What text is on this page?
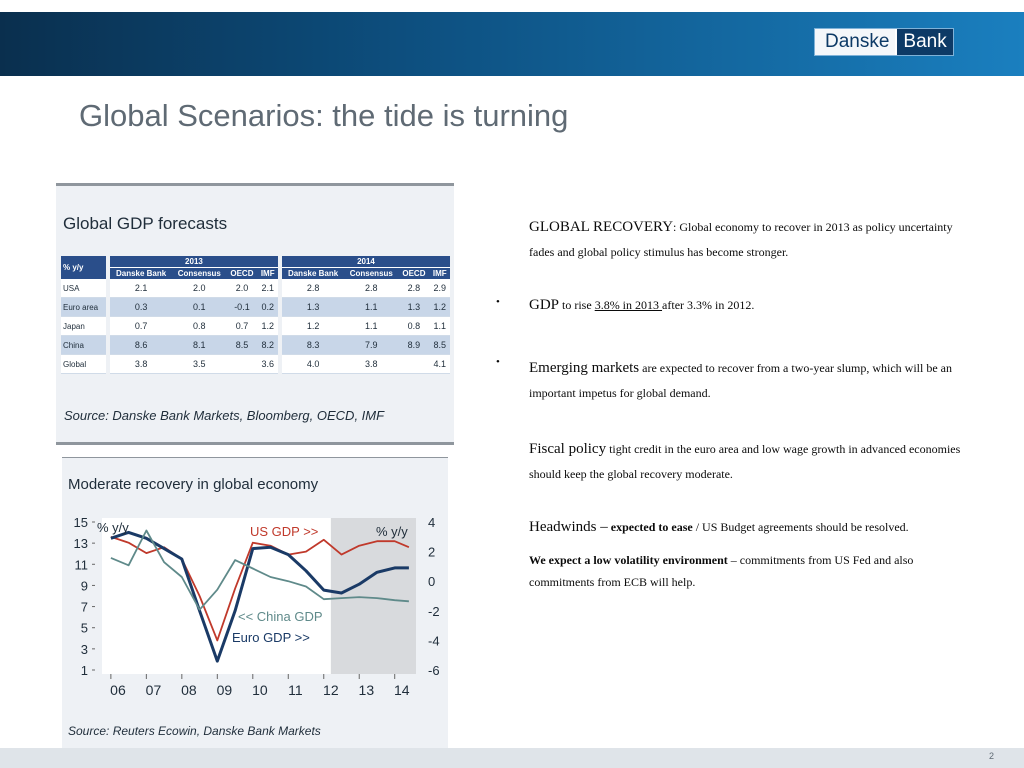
Danske Bank
Global Scenarios: the tide is turning
Global GDP forecasts
% y/y		2013					2014			
		Danske Bank	Consensus	OECD	IMF		Danske Bank	Consensus	OECD	IMF
USA		2.1	2.0	2.0	2.1		2.8	2.8	2.8	2.9
Euro area		0.3	0.1	-0.1	0.2		1.3	1.1	1.3	1.2
Japan		0.7	0.8	0.7	1.2		1.2	1.1	0.8	1.1
China		8.6	8.1	8.5	8.2		8.3	7.9	8.9	8.5
Global		3.8	3.5		3.6		4.0	3.8		4.1
Source: Danske Bank Markets, Bloomberg, OECD, IMF
Moderate recovery in global economy
15
13
11
9
7
5
3
1
4
2
0
-2
-4
-6
06 07 08 09 10 11 12 13 14
% y/y	% y/y
US GDP >>
<< China GDP
Euro GDP >>
Source: Reuters Ecowin, Danske Bank Markets
GLOBAL RECOVERY: Global economy to recover in 2013 as policy uncertainty fades and global policy stimulus has become stronger.
• GDP to rise 3.8% in 2013 after 3.3% in 2012.
• Emerging markets are expected to recover from a two-year slump, which will be an important impetus for global demand.
Fiscal policy tight credit in the euro area and low wage growth in advanced economies should keep the global recovery moderate.
Headwinds – expected to ease / US Budget agreements should be resolved.
We expect a low volatility environment – commitments from US Fed and also commitments from ECB will help.
2
